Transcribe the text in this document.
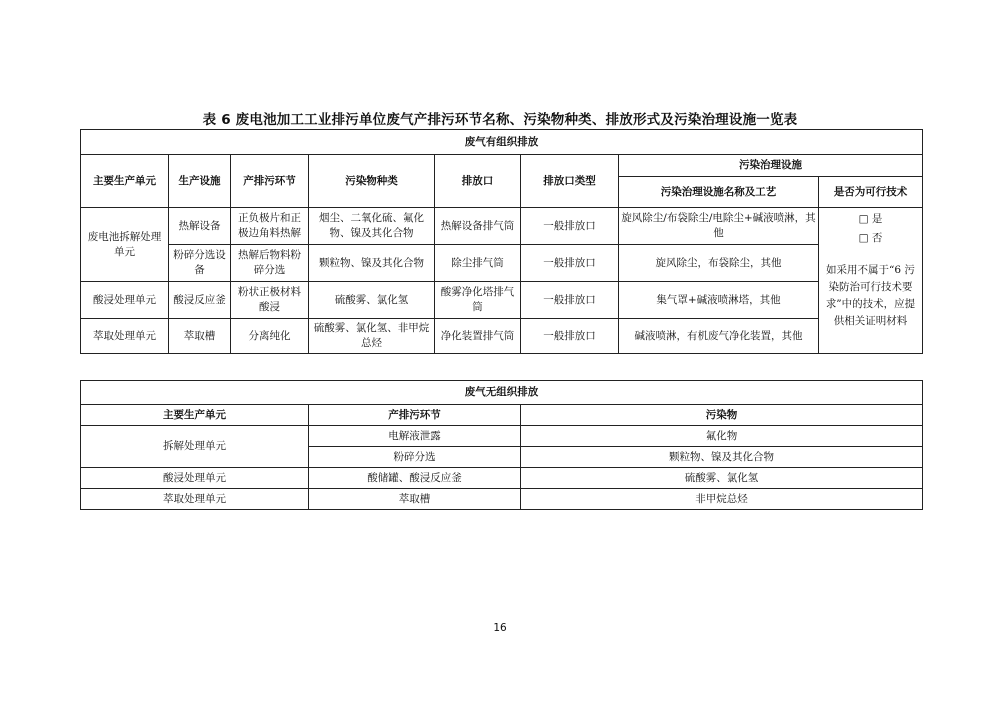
表 6 废电池加工工业排污单位废气产排污环节名称、污染物种类、排放形式及污染治理设施一览表
废气有组织排放							
主要生产单元	生产设施	产排污环节	污染物种类	排放口	排放口类型	污染治理设施	
						污染治理设施名称及工艺	是否为可行技术
废电池拆解处理单元	热解设备	正负极片和正极边角料热解	烟尘、二氧化硫、氟化物、镍及其化合物	热解设备排气筒	一般排放口	旋风除尘/布袋除尘/电除尘+碱液喷淋，其他	□ 是
□ 否
如采用不属于“6 污染防治可行技术要求”中的技术，应提供相关证明材料

	粉碎分选设备	热解后物料粉碎分选	颗粒物、镍及其化合物	除尘排气筒	一般排放口	旋风除尘，布袋除尘，其他	
酸浸处理单元	酸浸反应釜	粉状正极材料酸浸	硫酸雾、氯化氢	酸雾净化塔排气筒	一般排放口	集气罩+碱液喷淋塔，其他	
萃取处理单元	萃取槽	分离纯化	硫酸雾、氯化氢、非甲烷总烃	净化装置排气筒	一般排放口	碱液喷淋，有机废气净化装置，其他	
废气无组织排放		
主要生产单元	产排污环节	污染物
拆解处理单元	电解液泄露	氟化物
	粉碎分选	颗粒物、镍及其化合物
酸浸处理单元	酸储罐、酸浸反应釜	硫酸雾、氯化氢
萃取处理单元	萃取槽	非甲烷总烃
16
